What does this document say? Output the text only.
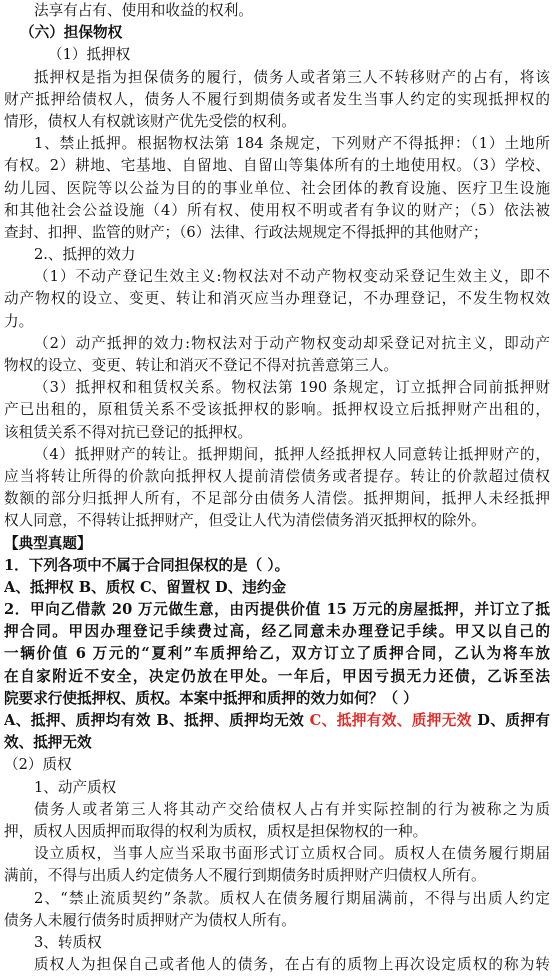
法享有占有、使用和收益的权利。
（六）担保物权
（1）抵押权
抵押权是指为担保债务的履行，债务人或者第三人不转移财产的占有，将该
财产抵押给债权人，债务人不履行到期债务或者发生当事人约定的实现抵押权的
情形，债权人有权就该财产优先受偿的权利。
1、禁止抵押。根据物权法第 184 条规定，下列财产不得抵押：（1）土地所
有权。2）耕地、宅基地、自留地、自留山等集体所有的土地使用权。（3）学校、
幼儿园、医院等以公益为目的的事业单位、社会团体的教育设施、医疗卫生设施
和其他社会公益设施（4）所有权、使用权不明或者有争议的财产；（5）依法被
查封、扣押、监管的财产；（6）法律、行政法规规定不得抵押的其他财产；
2.、抵押的效力
（1）不动产登记生效主义:物权法对不动产物权变动采登记生效主义，即不
动产物权的设立、变更、转让和消灭应当办理登记，不办理登记，不发生物权效
力。
（2）动产抵押的效力:物权法对于动产物权变动却采登记对抗主义，即动产
物权的设立、变更、转让和消灭不登记不得对抗善意第三人。
（3）抵押权和租赁权关系。物权法第 190 条规定，订立抵押合同前抵押财
产已出租的，原租赁关系不受该抵押权的影响。抵押权设立后抵押财产出租的，
该租赁关系不得对抗已登记的抵押权。
（4）抵押财产的转让。抵押期间，抵押人经抵押权人同意转让抵押财产的，
应当将转让所得的价款向抵押权人提前清偿债务或者提存。转让的价款超过债权
数额的部分归抵押人所有，不足部分由债务人清偿。抵押期间，抵押人未经抵押
权人同意，不得转让抵押财产，但受让人代为清偿债务消灭抵押权的除外。
【典型真题】
1．下列各项中不属于合同担保权的是（ ）。
A、抵押权 B、质权 C、留置权 D、违约金
2．甲向乙借款 20 万元做生意，由丙提供价值 15 万元的房屋抵押，并订立了抵
押合同。甲因办理登记手续费过高，经乙同意未办理登记手续。甲又以自己的
一辆价值 6 万元的“夏利”车质押给乙，双方订立了质押合同，乙认为将车放
在自家附近不安全，决定仍放在甲处。一年后，甲因亏损无力还债，乙诉至法
院要求行使抵押权、质权。本案中抵押和质押的效力如何？（ ）
A、抵押、质押均有效 B、抵押、质押均无效 C、抵押有效、质押无效 D、质押有
效、抵押无效
（2）质权
1、动产质权
债务人或者第三人将其动产交给债权人占有并实际控制的行为被称之为质
押，质权人因质押而取得的权利为质权，质权是担保物权的一种。
设立质权，当事人应当采取书面形式订立质权合同。质权人在债务履行期届
满前，不得与出质人约定债务人不履行到期债务时质押财产归债权人所有。
2、“禁止流质契约”条款。质权人在债务履行期届满前，不得与出质人约定
债务人未履行债务时质押财产为债权人所有。
3、转质权
质权人为担保自己或者他人的债务，在占有的质物上再次设定质权的称为转
